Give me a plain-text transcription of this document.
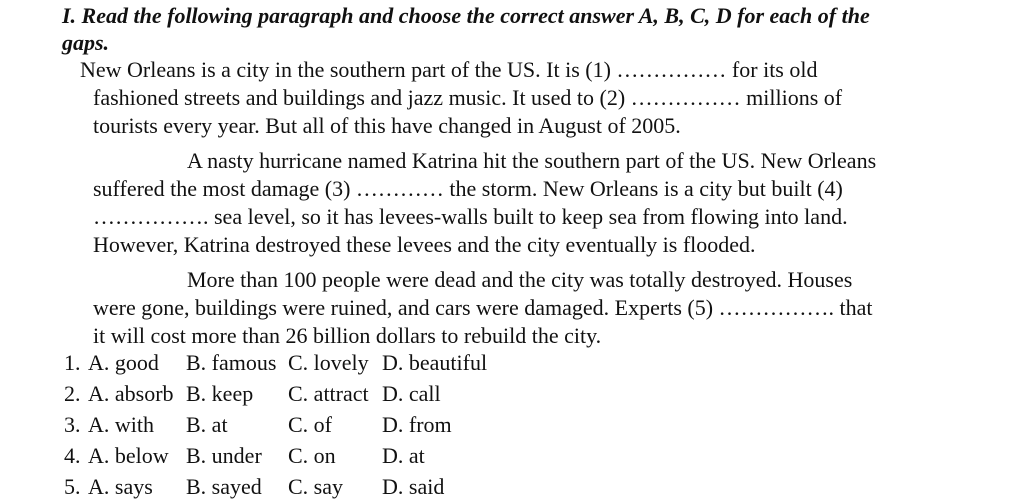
I. Read the following paragraph and choose the correct answer A, B, C, D for each of the
gaps.
New Orleans is a city in the southern part of the US. It is (1) …………… for its old
fashioned streets and buildings and jazz music. It used to (2) …………… millions of
tourists every year. But all of this have changed in August of 2005.
A nasty hurricane named Katrina hit the southern part of the US. New Orleans
suffered the most damage (3) ………… the storm. New Orleans is a city but built (4)
……………. sea level, so it has levees-walls built to keep sea from flowing into land.
However, Katrina destroyed these levees and the city eventually is flooded.
More than 100 people were dead and the city was totally destroyed. Houses
were gone, buildings were ruined, and cars were damaged. Experts (5) ……………. that
it will cost more than 26 billion dollars to rebuild the city.
1. A. good B. famous C. lovely D. beautiful
2. A. absorb B. keep C. attract D. call
3. A. with B. at	C. of D. from
4. A. below B. under C. on D. at
5. A. says B. sayed C. say D. said
